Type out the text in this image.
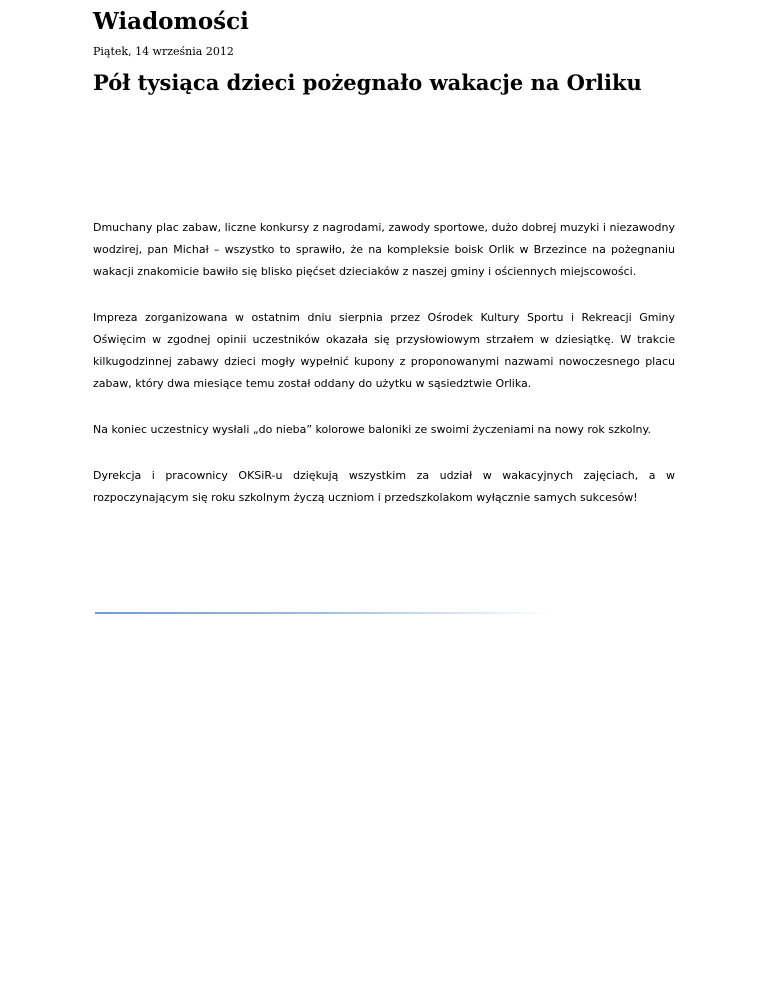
Wiadomości
Piątek, 14 września 2012
Pół tysiąca dzieci pożegnało wakacje na Orliku

Dmuchany plac zabaw, liczne konkursy z nagrodami, zawody sportowe, dużo dobrej muzyki i niezawodny wodzirej, pan Michał – wszystko to sprawiło, że na kompleksie boisk Orlik w Brzezince na pożegnaniu wakacji znakomicie bawiło się blisko pięćset dzieciaków z naszej gminy i ościennych miejscowości.

Impreza zorganizowana w ostatnim dniu sierpnia przez Ośrodek Kultury Sportu i Rekreacji Gminy Oświęcim w zgodnej opinii uczestników okazała się przysłowiowym strzałem w dziesiątkę. W trakcie kilkugodzinnej zabawy dzieci mogły wypełnić kupony z proponowanymi nazwami nowoczesnego placu zabaw, który dwa miesiące temu został oddany do użytku w sąsiedztwie Orlika.

Na koniec uczestnicy wysłali „do nieba” kolorowe baloniki ze swoimi życzeniami na nowy rok szkolny.

Dyrekcja i pracownicy OKSiR-u dziękują wszystkim za udział w wakacyjnych zajęciach, a w rozpoczynającym się roku szkolnym życzą uczniom i przedszkolakom wyłącznie samych sukcesów!
